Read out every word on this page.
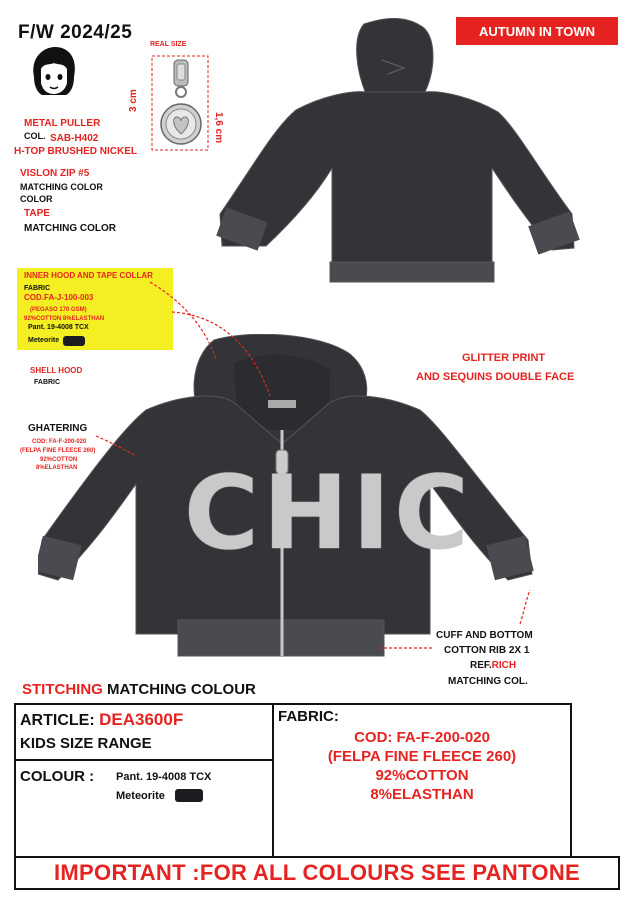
F/W 2024/25	AUTUMN IN TOWN
REAL SIZE
3 cm
1,6 cm
METAL PULLER
COL. SAB-H402
H-TOP BRUSHED NICKEL
VISLON ZIP #5
MATCHING COLOR
COLOR
TAPE
MATCHING COLOR
INNER HOOD AND TAPE COLLAR
FABRIC
COD.FA-J-100-003
(PEGASO 170 GSM)
92%COTTON 8%ELASTHAN
Pant. 19-4008 TCX
Meteorite
SHELL HOOD
FABRIC
GHATERING
COD: FA-F-200-020
(FELPA FINE FLEECE 260)
92%COTTON
8%ELASTHAN CHIC
GLITTER PRINT
AND SEQUINS DOUBLE FACE
CUFF AND BOTTOM
COTTON RIB 2X 1
REF.RICH
MATCHING COL.
STITCHING MATCHING COLOUR
ARTICLE: DEA3600F
KIDS SIZE RANGE
COLOUR : Pant. 19-4008 TCX
Meteorite
FABRIC:
COD: FA-F-200-020
(FELPA FINE FLEECE 260)
92%COTTON
8%ELASTHAN
IMPORTANT :FOR ALL COLOURS SEE PANTONE
